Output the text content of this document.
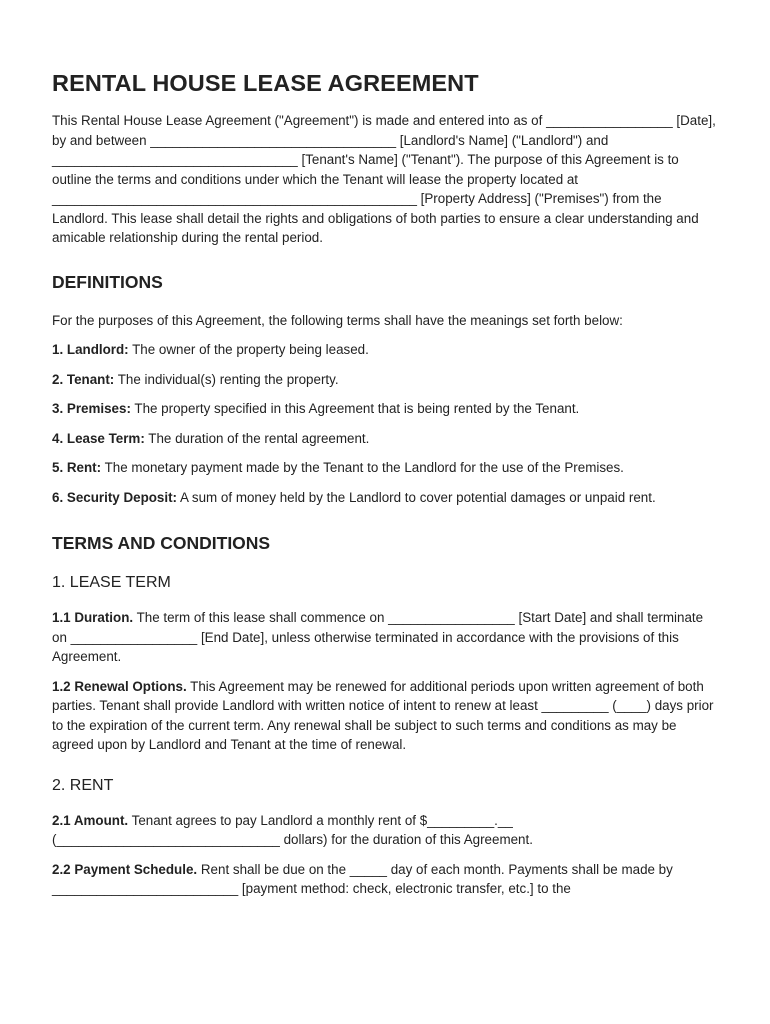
RENTAL HOUSE LEASE AGREEMENT

This Rental House Lease Agreement ("Agreement") is made and entered into as of _________________ [Date], by and between _________________________________ [Landlord's Name] ("Landlord") and _________________________________ [Tenant's Name] ("Tenant"). The purpose of this Agreement is to outline the terms and conditions under which the Tenant will lease the property located at _________________________________________________ [Property Address] ("Premises") from the Landlord. This lease shall detail the rights and obligations of both parties to ensure a clear understanding and amicable relationship during the rental period.

DEFINITIONS

For the purposes of this Agreement, the following terms shall have the meanings set forth below:

1. Landlord: The owner of the property being leased.

2. Tenant: The individual(s) renting the property.

3. Premises: The property specified in this Agreement that is being rented by the Tenant.

4. Lease Term: The duration of the rental agreement.

5. Rent: The monetary payment made by the Tenant to the Landlord for the use of the Premises.

6. Security Deposit: A sum of money held by the Landlord to cover potential damages or unpaid rent.

TERMS AND CONDITIONS
1. LEASE TERM

1.1 Duration. The term of this lease shall commence on _________________ [Start Date] and shall terminate on _________________ [End Date], unless otherwise terminated in accordance with the provisions of this Agreement.

1.2 Renewal Options. This Agreement may be renewed for additional periods upon written agreement of both parties. Tenant shall provide Landlord with written notice of intent to renew at least _________ (____) days prior to the expiration of the current term. Any renewal shall be subject to such terms and conditions as may be agreed upon by Landlord and Tenant at the time of renewal.

2. RENT

2.1 Amount. Tenant agrees to pay Landlord a monthly rent of $_________.__ (______________________________ dollars) for the duration of this Agreement.

2.2 Payment Schedule. Rent shall be due on the _____ day of each month. Payments shall be made by _________________________ [payment method: check, electronic transfer, etc.] to the
